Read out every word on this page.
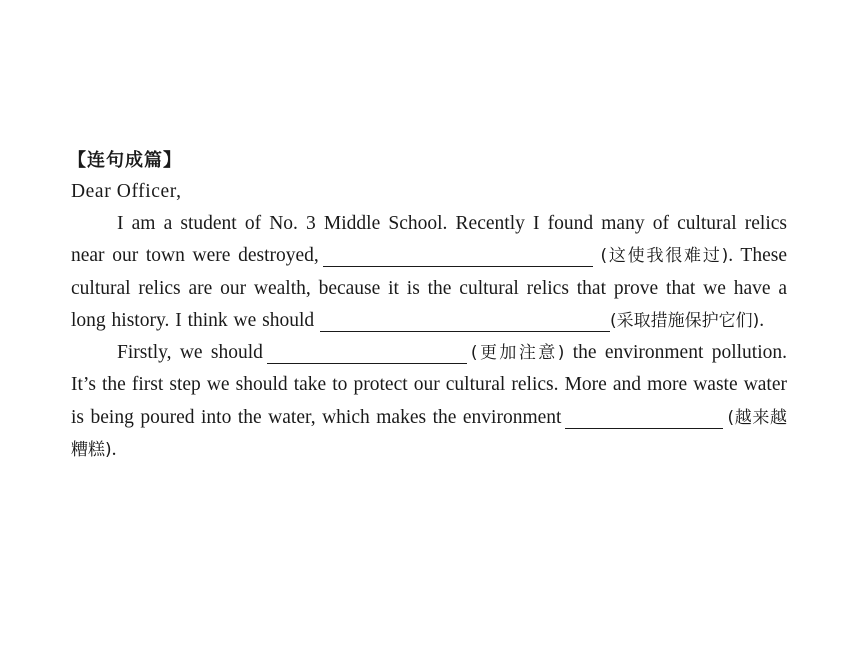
【连句成篇】
Dear Officer,
I am a student of No. 3 Middle School. Recently I found many of cultural relics near our town were destroyed,	(这使我很难过). These cultural relics are our wealth, because it is the cultural relics that prove that we have a long history. I think we should	(采取措施保护它们).
Firstly, we should	(更加注意) the environment pollution. It’s the first step we should take to protect our cultural relics. More and more waste water is being poured into the water, which makes the environment	(越来越糟糕).
